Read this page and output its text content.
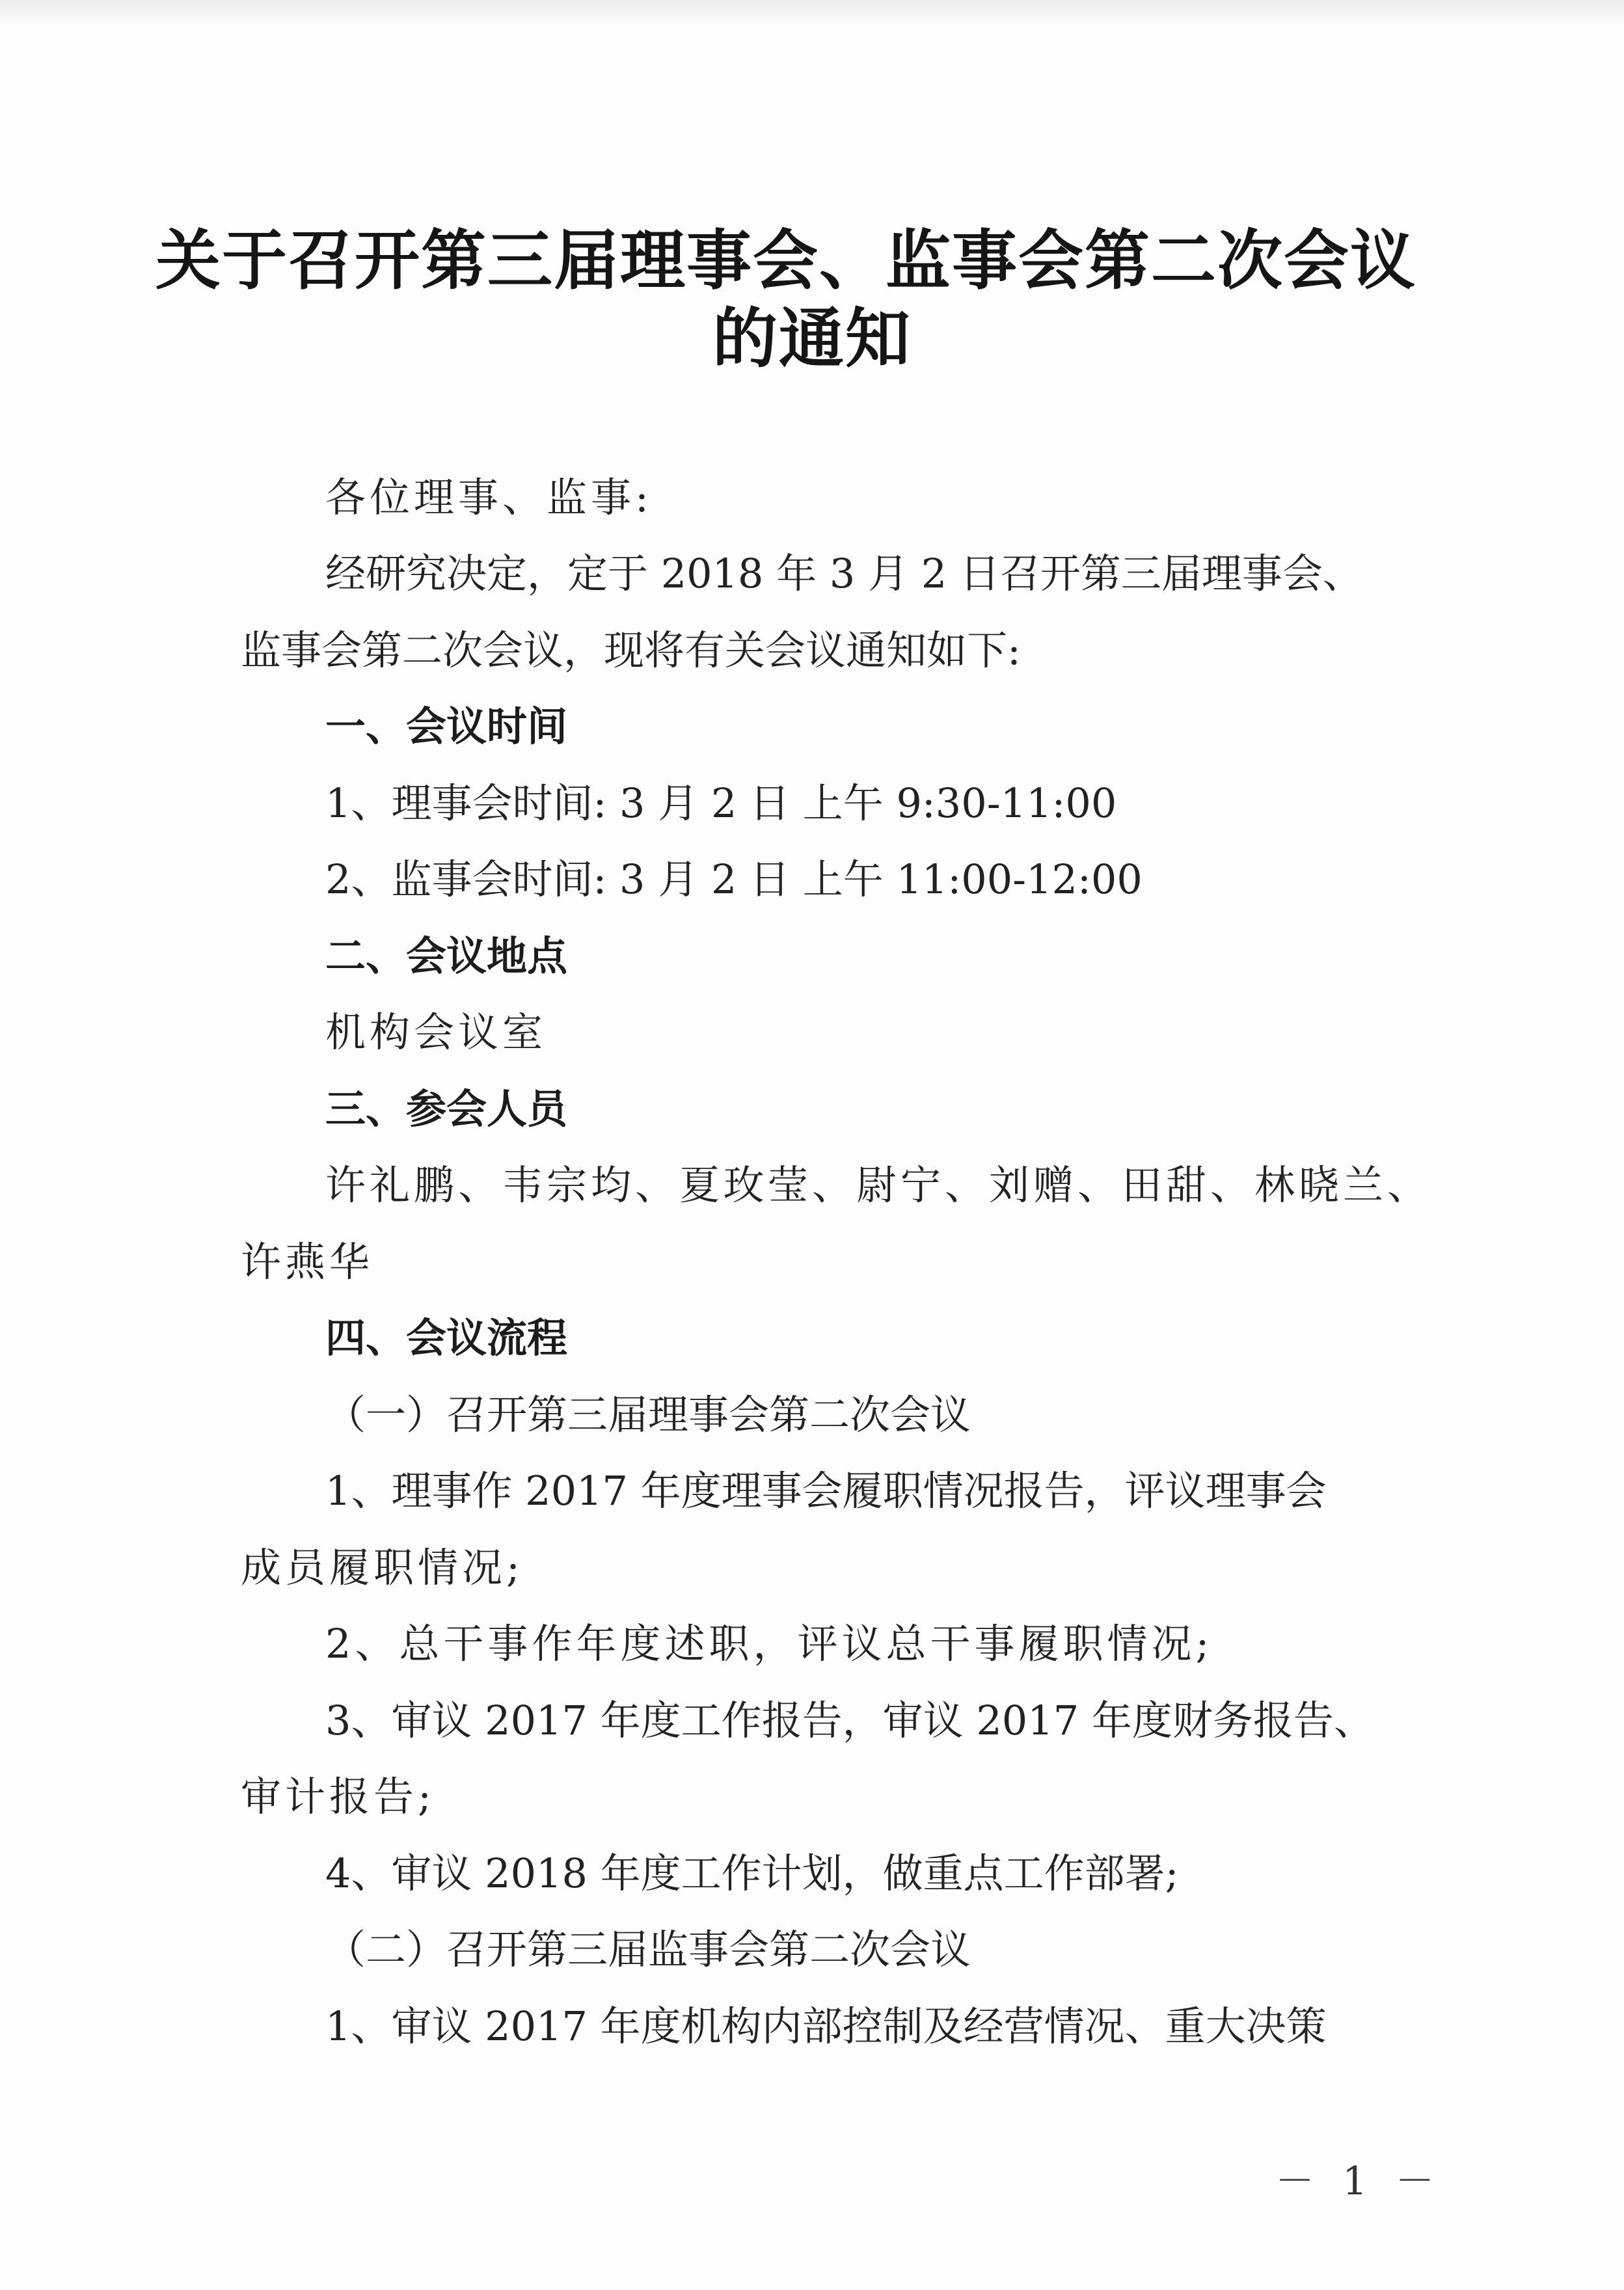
关于召开第三届理事会、监事会第二次会议
的通知
各位理事、监事:
经研究决定，定于 2018 年 3 月 2 日召开第三届理事会、
监事会第二次会议，现将有关会议通知如下:
一、会议时间
1、理事会时间: 3 月 2 日 上午 9:30-11:00
2、监事会时间: 3 月 2 日 上午 11:00-12:00
二、会议地点
机构会议室
三、参会人员
许礼鹏、韦宗均、夏玫莹、尉宁、刘赠、田甜、林晓兰、
许燕华
四、会议流程
（一）召开第三届理事会第二次会议
1、理事作 2017 年度理事会履职情况报告，评议理事会
成员履职情况;
2、总干事作年度述职，评议总干事履职情况;
3、审议 2017 年度工作报告，审议 2017 年度财务报告、
审计报告;
4、审议 2018 年度工作计划，做重点工作部署;
（二）召开第三届监事会第二次会议
1、审议 2017 年度机构内部控制及经营情况、重大决策
－ 1 －
